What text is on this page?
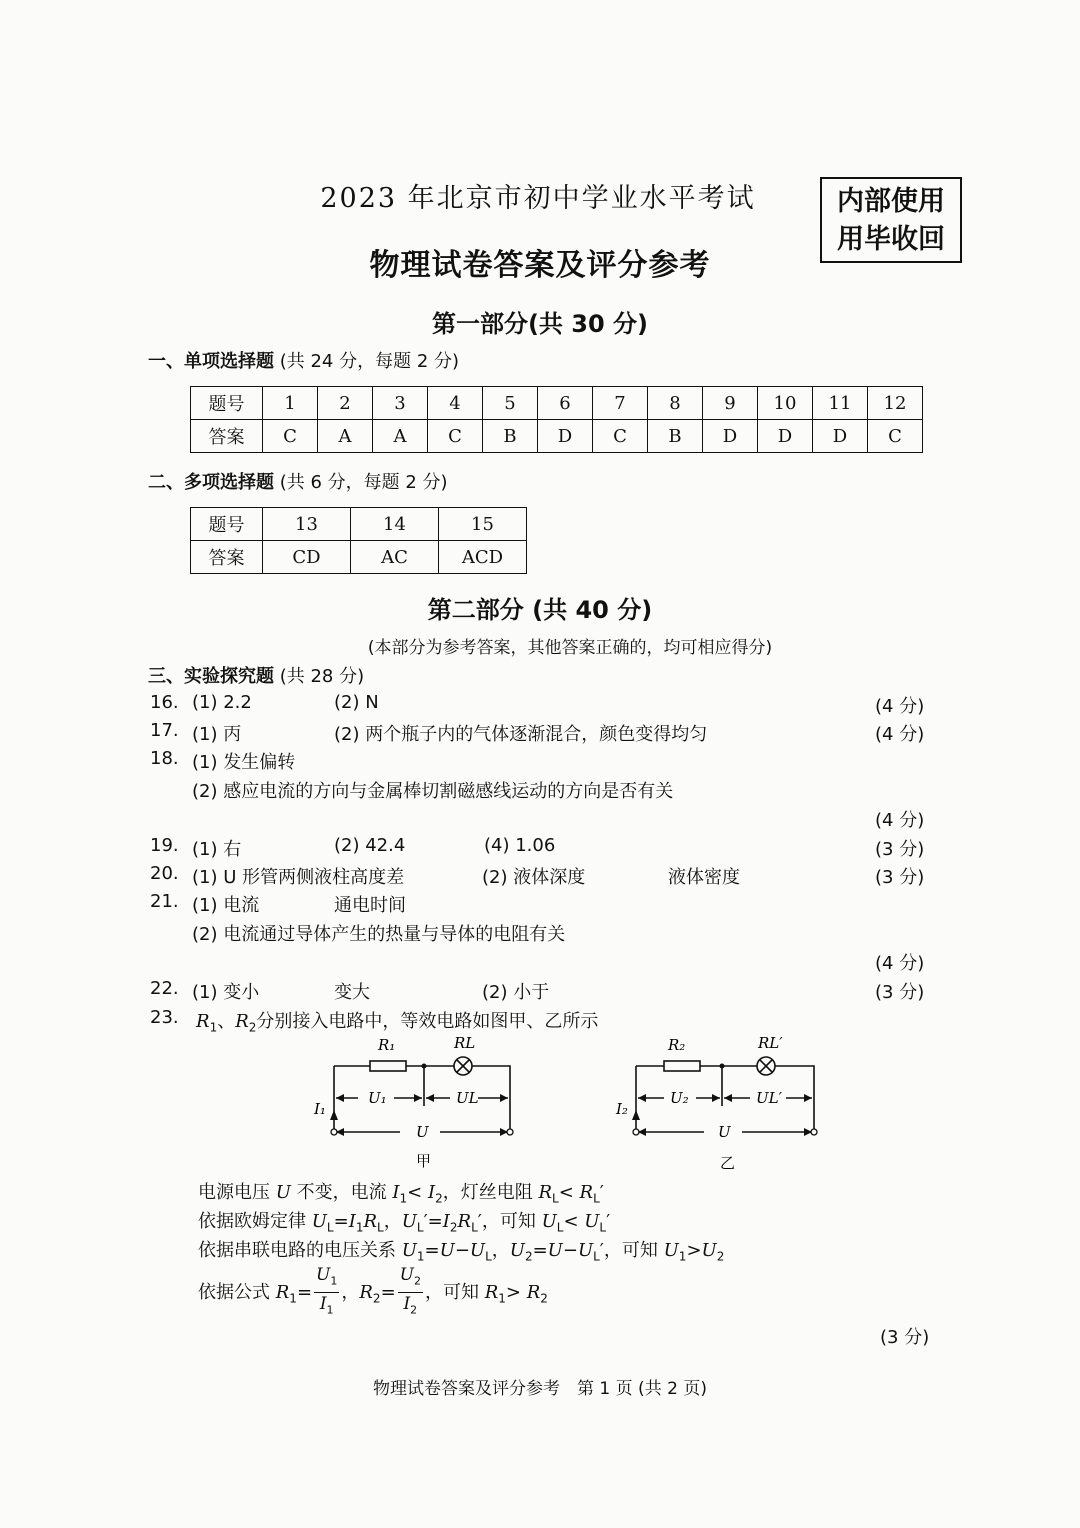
2023 年北京市初中学业水平考试
物理试卷答案及评分参考
内部使用
用毕收回
第一部分(共 30 分)
一、单项选择题 (共 24 分，每题 2 分)
题号	1	2	3	4	5	6	7	8	9	10	11	12
答案	C	A	A	C	B	D	C	B	D	D	D	C
二、多项选择题 (共 6 分，每题 2 分)
题号	13	14	15
答案	CD	AC	ACD
第二部分 (共 40 分)
(本部分为参考答案，其他答案正确的，均可相应得分)
三、实验探究题 (共 28 分)
16. (1) 2.2	(2) N	(4 分)
17. (1) 丙	(2) 两个瓶子内的气体逐渐混合，颜色变得均匀	(4 分)
18. (1) 发生偏转
(2) 感应电流的方向与金属棒切割磁感线运动的方向是否有关
(4 分)
19. (1) 右	(2) 42.4	(4) 1.06	(3 分)
20. (1) U 形管两侧液柱高度差	(2) 液体深度	液体密度	(3 分)
21. (1) 电流	通电时间
(2) 电流通过导体产生的热量与导体的电阻有关
(4 分)
22. (1) 变小	变大	(2) 小于	(3 分)
23. $R_1$、$R_2$分别接入电路中，等效电路如图甲、乙所示
R₁	RL
U₁	UL
I₁
U
甲
R₂	RL′
U₂	UL′
I₂
U
乙
电源电压 U 不变，电流 $I_1< I_2$，灯丝电阻 $R_L< R_L'$
依据欧姆定律 $U_L=I_1R_L$，$U_L'=I_2R_L'$，可知 $U_L< U_L'$
依据串联电路的电压关系 $U_1=U-U_L$，$U_2=U-U_L'$，可知 $U_1>U_2$
依据公式 $R_1= \frac{U_1}{I_1}$ ，$R_2= \frac{U_2}{I_2}$ ，可知 $R_1> R_2$
(3 分)
物理试卷答案及评分参考　第 1 页 (共 2 页)
